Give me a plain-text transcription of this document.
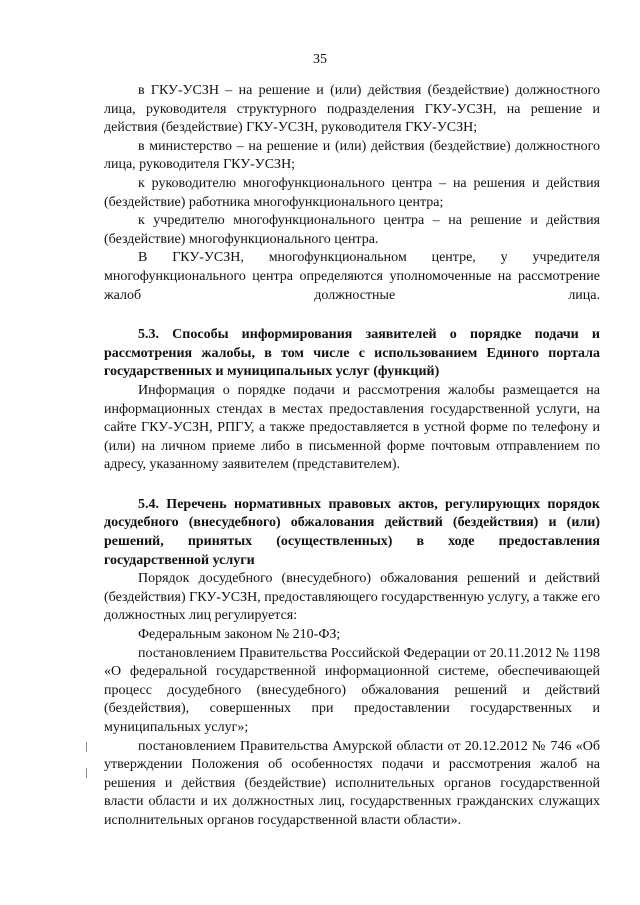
35

в ГКУ-УСЗН – на решение и (или) действия (бездействие) должностного лица, руководителя структурного подразделения ГКУ-УСЗН, на решение и действия (бездействие) ГКУ-УСЗН, руководителя ГКУ-УСЗН;

в министерство – на решение и (или) действия (бездействие) должностного лица, руководителя ГКУ-УСЗН;

к руководителю многофункционального центра – на решения и действия (бездействие) работника многофункционального центра;

к учредителю многофункционального центра – на решение и действия (бездействие) многофункционального центра.

В ГКУ-УСЗН, многофункциональном центре, у учредителя многофункционального центра определяются уполномоченные на рассмотрение жалоб должностные лица.

5.3. Способы информирования заявителей о порядке подачи и рассмотрения жалобы, в том числе с использованием Единого портала государственных и муниципальных услуг (функций)

Информация о порядке подачи и рассмотрения жалобы размещается на информационных стендах в местах предоставления государственной услуги, на сайте ГКУ-УСЗН, РПГУ, а также предоставляется в устной форме по телефону и (или) на личном приеме либо в письменной форме почтовым отправлением по адресу, указанному заявителем (представителем).

5.4. Перечень нормативных правовых актов, регулирующих порядок досудебного (внесудебного) обжалования действий (бездействия) и (или) решений, принятых (осуществленных) в ходе предоставления государственной услуги

Порядок досудебного (внесудебного) обжалования решений и действий (бездействия) ГКУ-УСЗН, предоставляющего государственную услугу, а также его должностных лиц регулируется:

Федеральным законом № 210-ФЗ;

постановлением Правительства Российской Федерации от 20.11.2012 № 1198 «О федеральной государственной информационной системе, обеспечивающей процесс досудебного (внесудебного) обжалования решений и действий (бездействия), совершенных при предоставлении государственных и муниципальных услуг»;

постановлением Правительства Амурской области от 20.12.2012 № 746 «Об утверждении Положения об особенностях подачи и рассмотрения жалоб на решения и действия (бездействие) исполнительных органов государственной власти области и их должностных лиц, государственных гражданских служащих исполнительных органов государственной власти области».
